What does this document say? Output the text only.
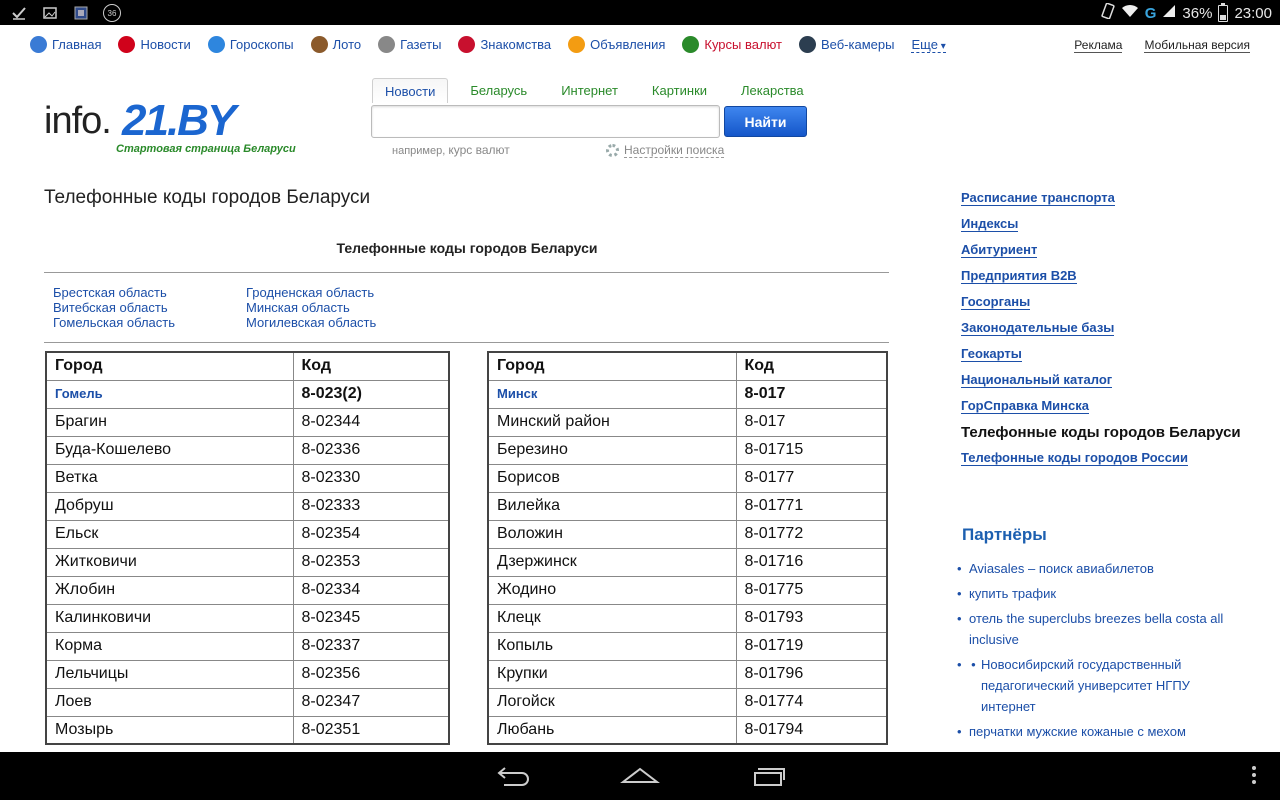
36	G 36% 23:00
Главная	Новости	Гороскопы	Лото	Газеты	Знакомства	Объявления	Курсы валют	Веб-камеры Еще ▾	Реклама Мобильная версия
info. 21.BY
Стартовая страница Беларуси
Новости	Беларусь	Интернет	Картинки	Лекарства
Найти
например, курс валют	Настройки поиска
Телефонные коды городов Беларуси
Телефонные коды городов Беларуси
Брестская область	Гродненская область
Витебская область	Минская область
Гомельская область	Могилевская область
Город	Код
Гомель	8-023(2)
Брагин	8-02344
Буда-Кошелево	8-02336
Ветка	8-02330
Добруш	8-02333
Ельск	8-02354
Житковичи	8-02353
Жлобин	8-02334
Калинковичи	8-02345
Корма	8-02337
Лельчицы	8-02356
Лоев	8-02347
Мозырь	8-02351
Город	Код
Минск	8-017
Минский район	8-017
Березино	8-01715
Борисов	8-0177
Вилейка	8-01771
Воложин	8-01772
Дзержинск	8-01716
Жодино	8-01775
Клецк	8-01793
Копыль	8-01719
Крупки	8-01796
Логойск	8-01774
Любань	8-01794
Расписание транспорта
Индексы
Абитуриент
Предприятия B2B
Госорганы
Законодательные базы
Геокарты
Национальный каталог
ГорСправка Минска
Телефонные коды городов Беларуси
Телефонные коды городов России
Партнёры
• Aviasales – поиск авиабилетов
• купить трафик
• отель the superclubs breezes bella costa all inclusive
• • Новосибирский государственный педагогический университет НГПУ интернет
• перчатки мужские кожаные с мехом
